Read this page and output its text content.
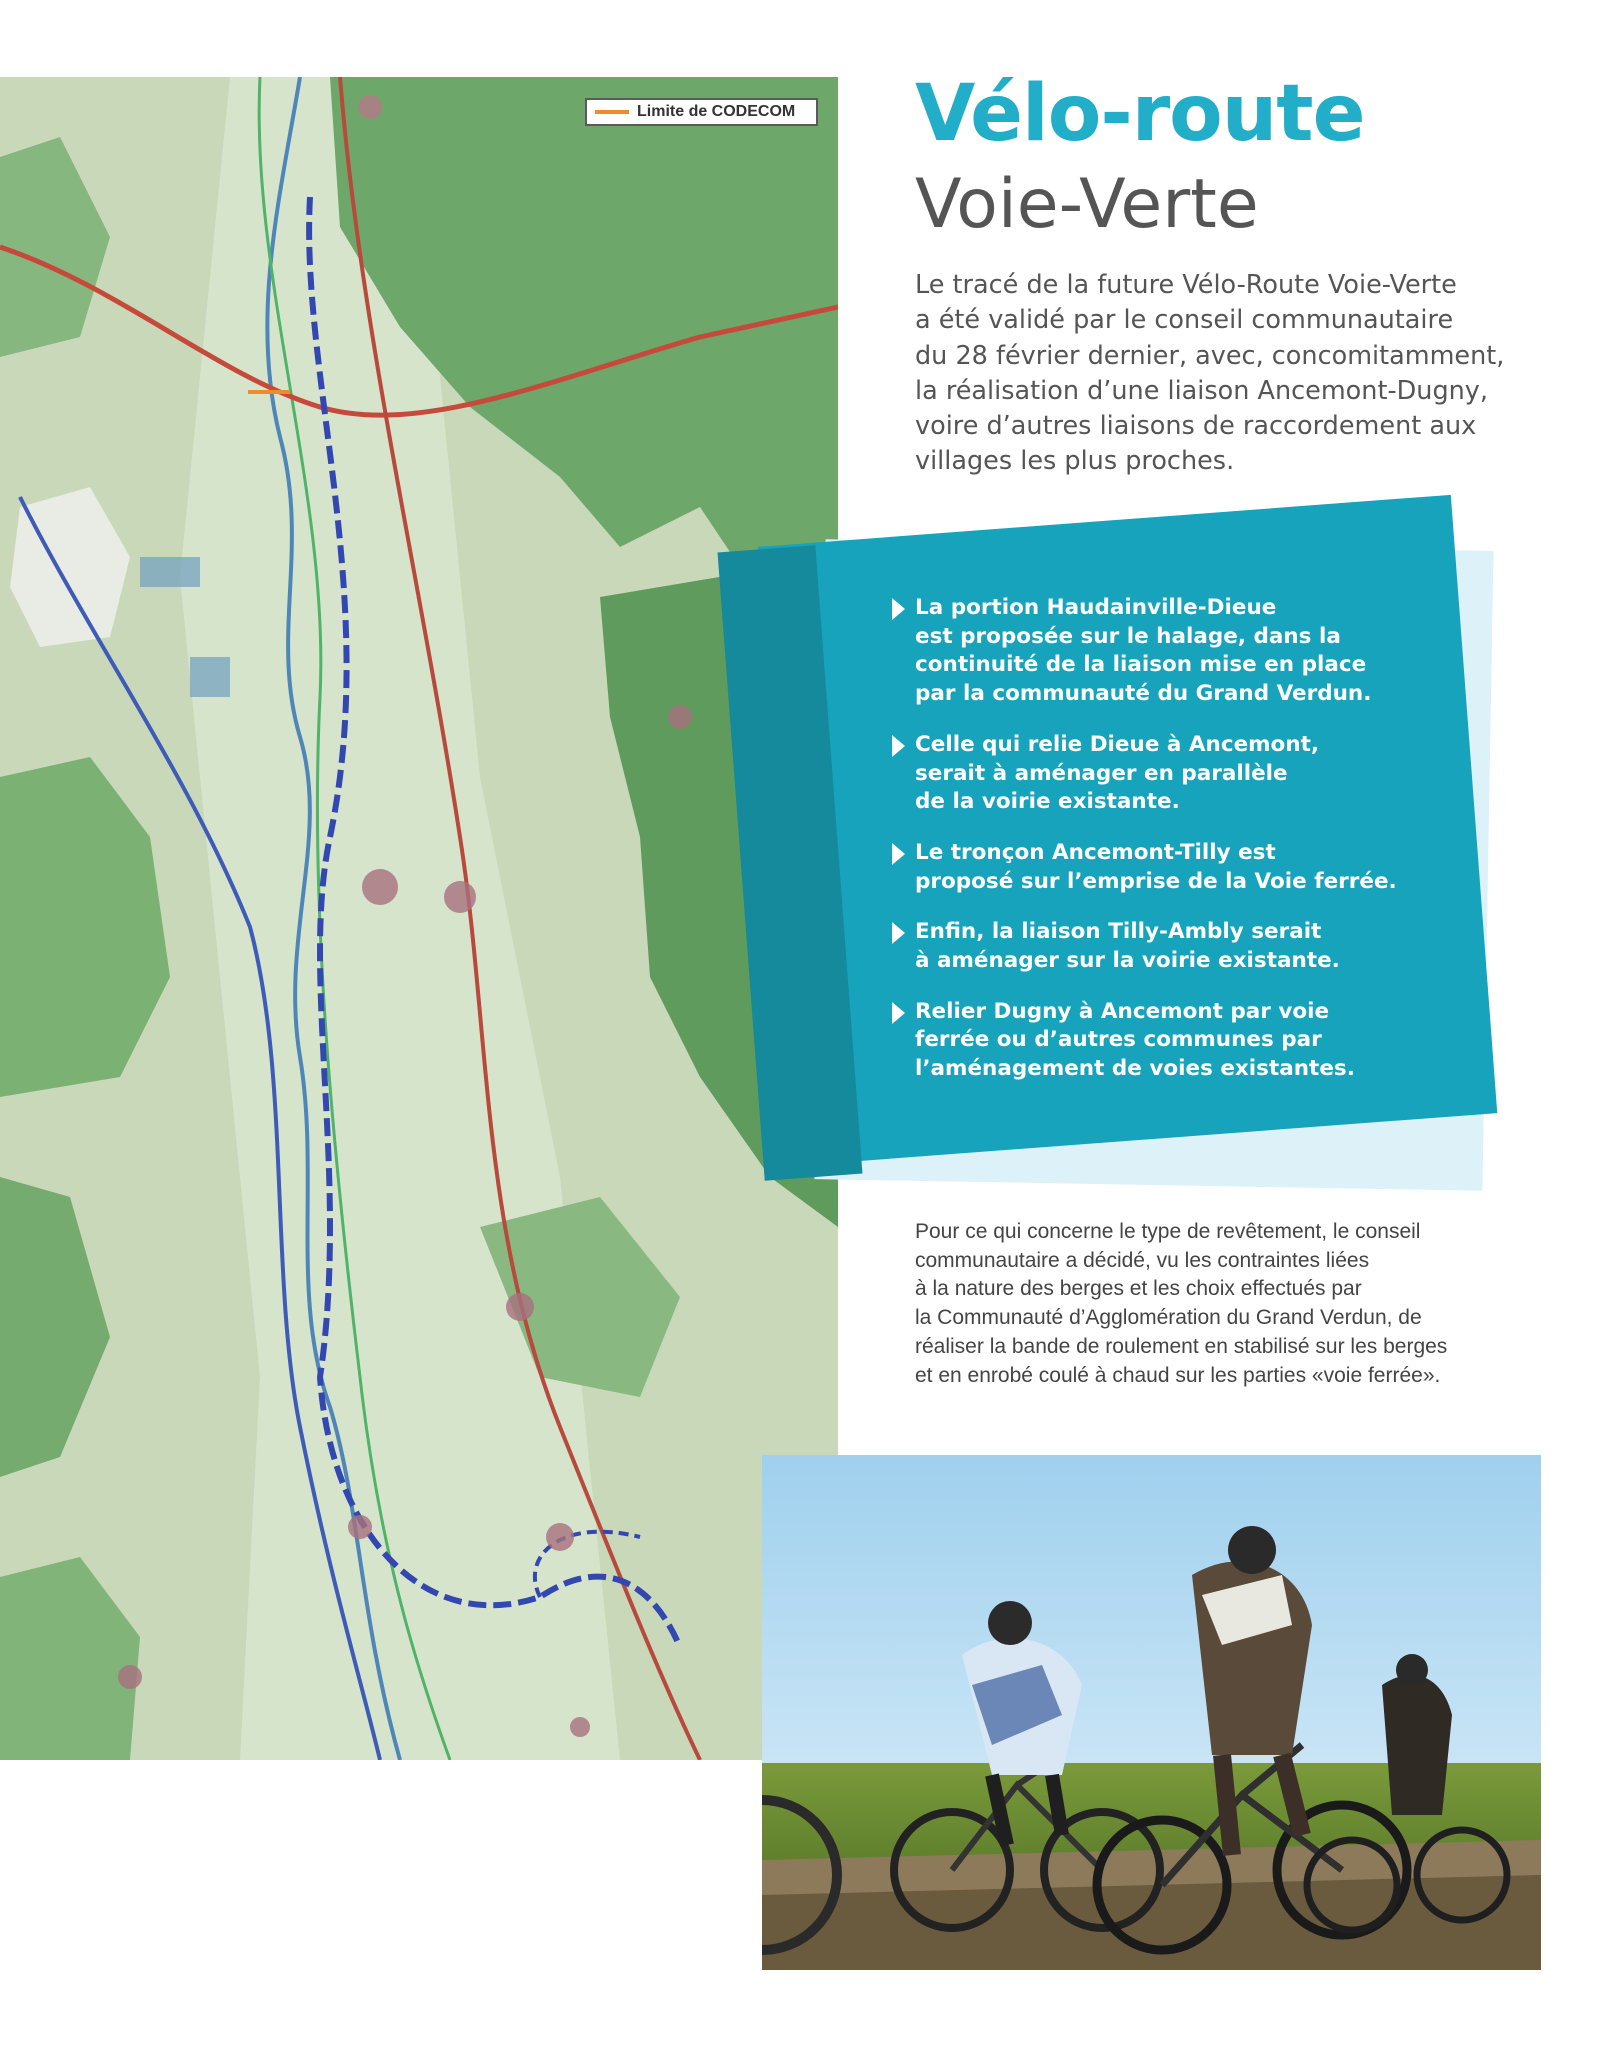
Limite de CODECOM Vélo-route
Voie-Verte

Le tracé de la future Vélo-Route Voie-Verte
a été validé par le conseil communautaire
du 28 février dernier, avec, concomitamment,
la réalisation d’une liaison Ancemont-Dugny,
voire d’autres liaisons de raccordement aux
villages les plus proches.

La portion Haudainville-Dieue
est proposée sur le halage, dans la
continuité de la liaison mise en place
par la communauté du Grand Verdun.
Celle qui relie Dieue à Ancemont,
serait à aménager en parallèle
de la voirie existante.
Le tronçon Ancemont-Tilly est
proposé sur l’emprise de la Voie ferrée.
Enfin, la liaison Tilly-Ambly serait
à aménager sur la voirie existante.
Relier Dugny à Ancemont par voie
ferrée ou d’autres communes par
l’aménagement de voies existantes.

Pour ce qui concerne le type de revêtement, le conseil
communautaire a décidé, vu les contraintes liées
à la nature des berges et les choix effectués par
la Communauté d’Agglomération du Grand Verdun, de
réaliser la bande de roulement en stabilisé sur les berges
et en enrobé coulé à chaud sur les parties «voie ferrée».
